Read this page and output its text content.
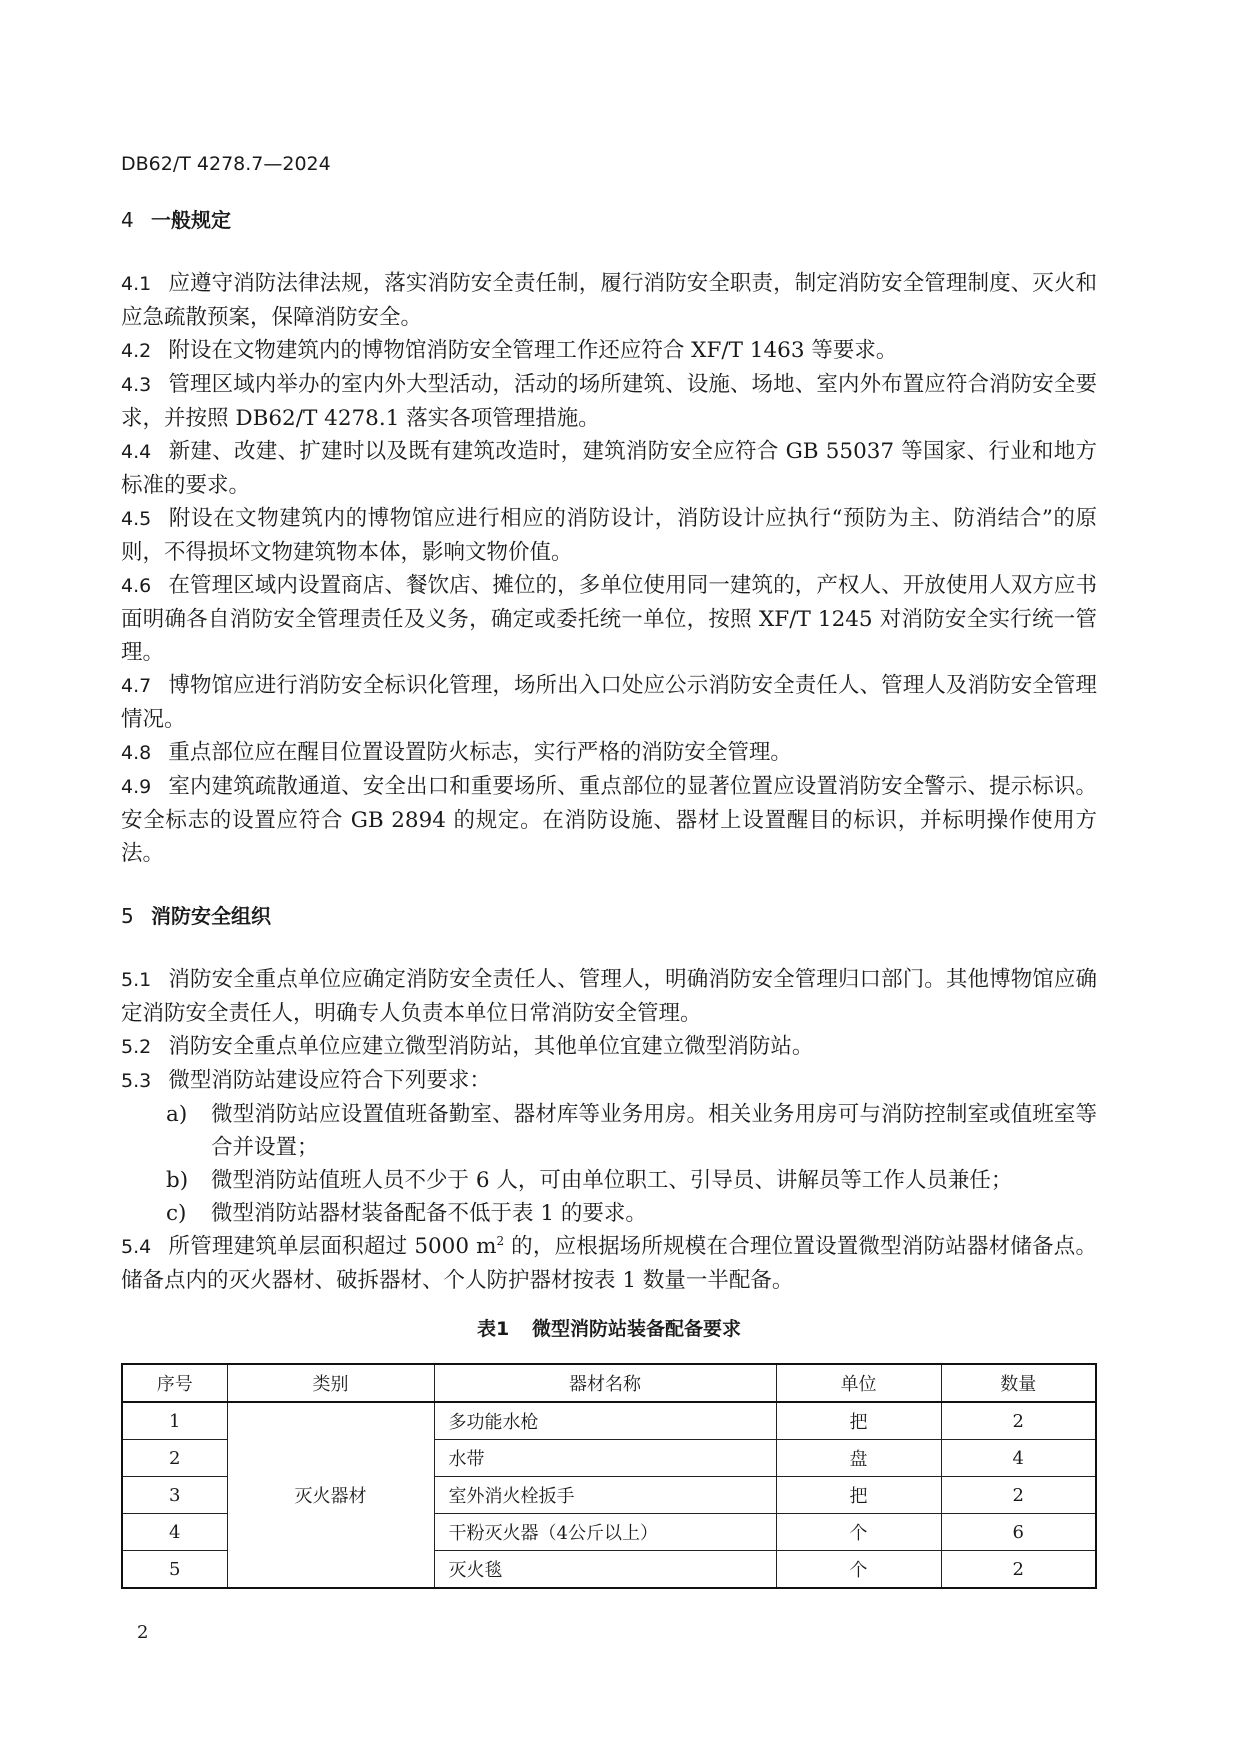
DB62/T 4278.7—2024
4 一般规定
4.1 应遵守消防法律法规，落实消防安全责任制，履行消防安全职责，制定消防安全管理制度、灭火和应急疏散预案，保障消防安全。
4.2 附设在文物建筑内的博物馆消防安全管理工作还应符合 XF/T 1463 等要求。
4.3 管理区域内举办的室内外大型活动，活动的场所建筑、设施、场地、室内外布置应符合消防安全要求，并按照 DB62/T 4278.1 落实各项管理措施。
4.4 新建、改建、扩建时以及既有建筑改造时，建筑消防安全应符合 GB 55037 等国家、行业和地方标准的要求。
4.5 附设在文物建筑内的博物馆应进行相应的消防设计，消防设计应执行“预防为主、防消结合”的原则，不得损坏文物建筑物本体，影响文物价值。
4.6 在管理区域内设置商店、餐饮店、摊位的，多单位使用同一建筑的，产权人、开放使用人双方应书面明确各自消防安全管理责任及义务，确定或委托统一单位，按照 XF/T 1245 对消防安全实行统一管理。
4.7 博物馆应进行消防安全标识化管理，场所出入口处应公示消防安全责任人、管理人及消防安全管理情况。
4.8 重点部位应在醒目位置设置防火标志，实行严格的消防安全管理。
4.9 室内建筑疏散通道、安全出口和重要场所、重点部位的显著位置应设置消防安全警示、提示标识。安全标志的设置应符合 GB 2894 的规定。在消防设施、器材上设置醒目的标识，并标明操作使用方法。
5 消防安全组织
5.1 消防安全重点单位应确定消防安全责任人、管理人，明确消防安全管理归口部门。其他博物馆应确定消防安全责任人，明确专人负责本单位日常消防安全管理。
5.2 消防安全重点单位应建立微型消防站，其他单位宜建立微型消防站。
5.3 微型消防站建设应符合下列要求：
a) 微型消防站应设置值班备勤室、器材库等业务用房。相关业务用房可与消防控制室或值班室等合并设置；
b) 微型消防站值班人员不少于 6 人，可由单位职工、引导员、讲解员等工作人员兼任；
c) 微型消防站器材装备配备不低于表 1 的要求。
5.4 所管理建筑单层面积超过 5000 $m^2$ 的，应根据场所规模在合理位置设置微型消防站器材储备点。储备点内的灭火器材、破拆器材、个人防护器材按表 1 数量一半配备。
表1 微型消防站装备配备要求
序号	类别	器材名称	单位	数量
1	灭火器材	多功能水枪	把	2
2		水带	盘	4
3		室外消火栓扳手	把	2
4		干粉灭火器（4公斤以上）	个	6
5		灭火毯	个	2
2
